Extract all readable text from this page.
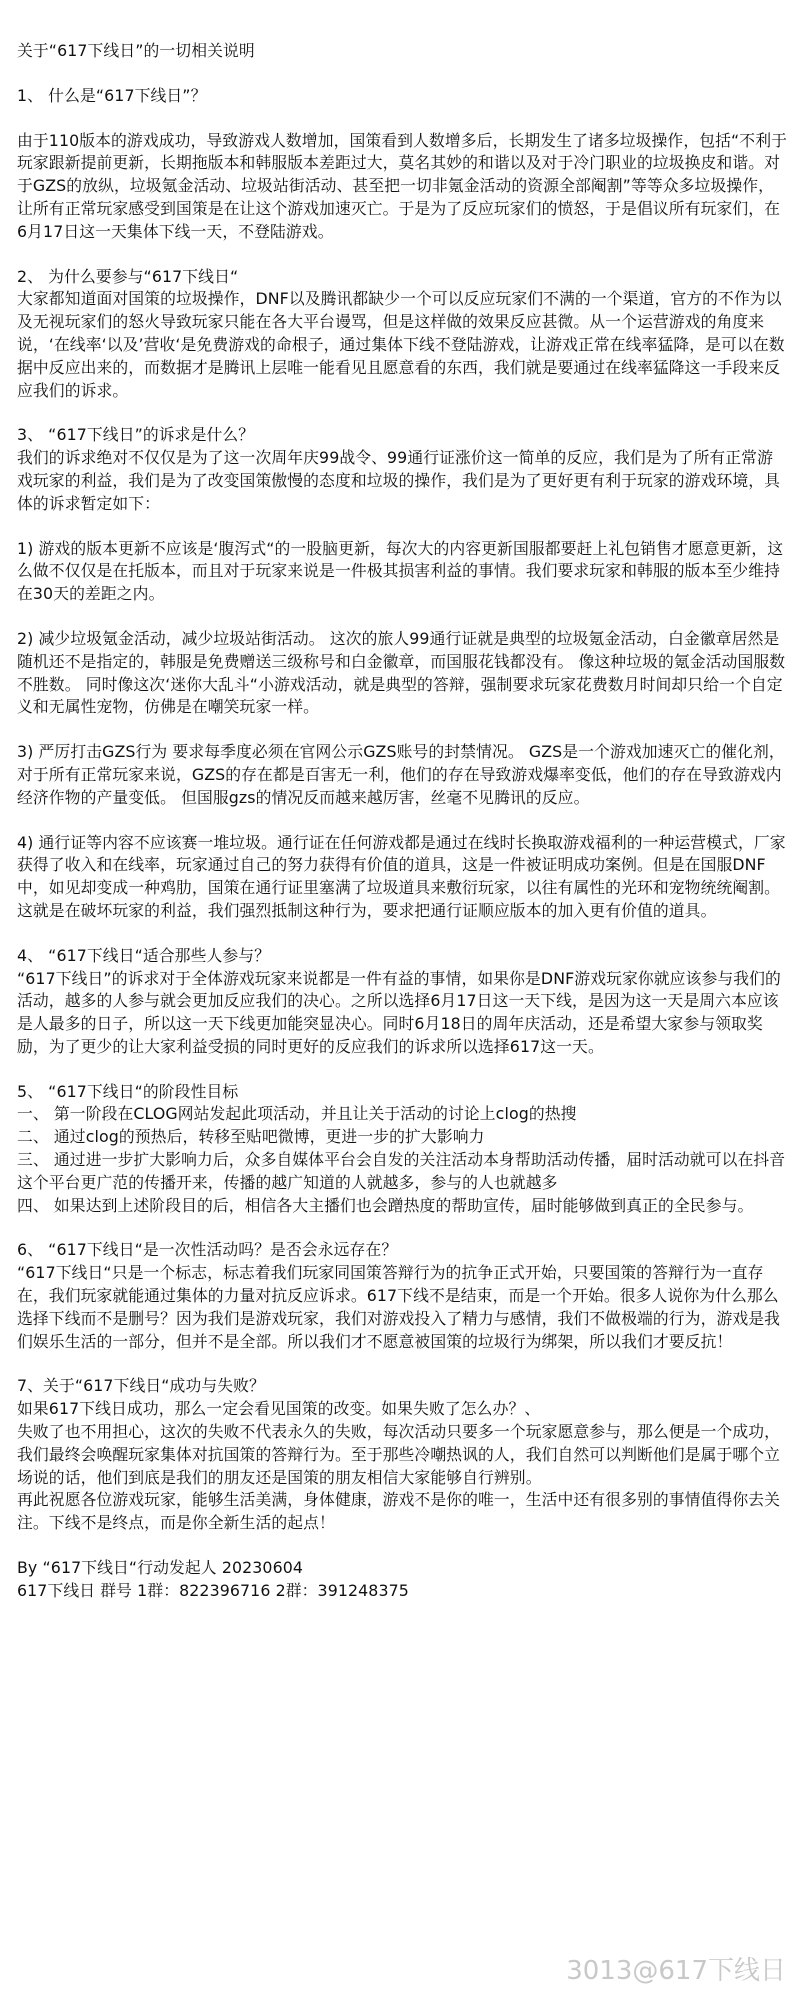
关于“617下线日”的一切相关说明

1、 什么是“617下线日”？

由于110版本的游戏成功，导致游戏人数增加，国策看到人数增多后，长期发生了诸多垃圾操作，包括“不利于玩家跟新提前更新，长期拖版本和韩服版本差距过大，莫名其妙的和谐以及对于冷门职业的垃圾换皮和谐。对于GZS的放纵，垃圾氪金活动、垃圾站街活动、甚至把一切非氪金活动的资源全部阉割”等等众多垃圾操作，让所有正常玩家感受到国策是在让这个游戏加速灭亡。于是为了反应玩家们的愤怒，于是倡议所有玩家们，在6月17日这一天集体下线一天，不登陆游戏。

2、 为什么要参与“617下线日“

大家都知道面对国策的垃圾操作，DNF以及腾讯都缺少一个可以反应玩家们不满的一个渠道，官方的不作为以及无视玩家们的怒火导致玩家只能在各大平台谩骂，但是这样做的效果反应甚微。从一个运营游戏的角度来说，‘在线率‘以及’营收‘是免费游戏的命根子，通过集体下线不登陆游戏，让游戏正常在线率猛降，是可以在数据中反应出来的，而数据才是腾讯上层唯一能看见且愿意看的东西，我们就是要通过在线率猛降这一手段来反应我们的诉求。

3、 “617下线日”的诉求是什么？

我们的诉求绝对不仅仅是为了这一次周年庆99战令、99通行证涨价这一简单的反应，我们是为了所有正常游戏玩家的利益，我们是为了改变国策傲慢的态度和垃圾的操作，我们是为了更好更有利于玩家的游戏环境，具体的诉求暂定如下：

1) 游戏的版本更新不应该是‘腹泻式“的一股脑更新，每次大的内容更新国服都要赶上礼包销售才愿意更新，这么做不仅仅是在托版本，而且对于玩家来说是一件极其损害利益的事情。我们要求玩家和韩服的版本至少维持在30天的差距之内。

2) 减少垃圾氪金活动，减少垃圾站街活动。 这次的旅人99通行证就是典型的垃圾氪金活动，白金徽章居然是随机还不是指定的，韩服是免费赠送三级称号和白金徽章，而国服花钱都没有。 像这种垃圾的氪金活动国服数不胜数。 同时像这次‘迷你大乱斗“小游戏活动，就是典型的答辩，强制要求玩家花费数月时间却只给一个自定义和无属性宠物，仿佛是在嘲笑玩家一样。

3) 严厉打击GZS行为 要求每季度必须在官网公示GZS账号的封禁情况。 GZS是一个游戏加速灭亡的催化剂，对于所有正常玩家来说，GZS的存在都是百害无一利，他们的存在导致游戏爆率变低，他们的存在导致游戏内经济作物的产量变低。 但国服gzs的情况反而越来越厉害，丝毫不见腾讯的反应。

4) 通行证等内容不应该赛一堆垃圾。通行证在任何游戏都是通过在线时长换取游戏福利的一种运营模式，厂家获得了收入和在线率，玩家通过自己的努力获得有价值的道具，这是一件被证明成功案例。但是在国服DNF中，如见却变成一种鸡肋，国策在通行证里塞满了垃圾道具来敷衍玩家，以往有属性的光环和宠物统统阉割。这就是在破坏玩家的利益，我们强烈抵制这种行为，要求把通行证顺应版本的加入更有价值的道具。

4、 “617下线日“适合那些人参与？

“617下线日”的诉求对于全体游戏玩家来说都是一件有益的事情，如果你是DNF游戏玩家你就应该参与我们的活动，越多的人参与就会更加反应我们的决心。之所以选择6月17日这一天下线，是因为这一天是周六本应该是人最多的日子，所以这一天下线更加能突显决心。同时6月18日的周年庆活动，还是希望大家参与领取奖励，为了更少的让大家利益受损的同时更好的反应我们的诉求所以选择617这一天。

5、 “617下线日“的阶段性目标

一、 第一阶段在CLOG网站发起此项活动，并且让关于活动的讨论上clog的热搜

二、 通过clog的预热后，转移至贴吧微博，更进一步的扩大影响力

三、 通过进一步扩大影响力后，众多自媒体平台会自发的关注活动本身帮助活动传播，届时活动就可以在抖音这个平台更广范的传播开来，传播的越广知道的人就越多，参与的人也就越多

四、 如果达到上述阶段目的后，相信各大主播们也会蹭热度的帮助宣传，届时能够做到真正的全民参与。

6、 “617下线日“是一次性活动吗？是否会永远存在？

“617下线日“只是一个标志，标志着我们玩家同国策答辩行为的抗争正式开始，只要国策的答辩行为一直存在，我们玩家就能通过集体的力量对抗反应诉求。617下线不是结束，而是一个开始。很多人说你为什么那么选择下线而不是删号？因为我们是游戏玩家，我们对游戏投入了精力与感情，我们不做极端的行为，游戏是我们娱乐生活的一部分，但并不是全部。所以我们才不愿意被国策的垃圾行为绑架，所以我们才要反抗！

7、关于“617下线日“成功与失败？

如果617下线日成功，那么一定会看见国策的改变。如果失败了怎么办？、

失败了也不用担心，这次的失败不代表永久的失败，每次活动只要多一个玩家愿意参与，那么便是一个成功，我们最终会唤醒玩家集体对抗国策的答辩行为。至于那些冷嘲热讽的人，我们自然可以判断他们是属于哪个立场说的话，他们到底是我们的朋友还是国策的朋友相信大家能够自行辨别。

再此祝愿各位游戏玩家，能够生活美满，身体健康，游戏不是你的唯一，生活中还有很多别的事情值得你去关注。下线不是终点，而是你全新生活的起点！

By “617下线日“行动发起人 20230604

617下线日 群号 1群：822396716 2群：391248375

3013@617下线日
